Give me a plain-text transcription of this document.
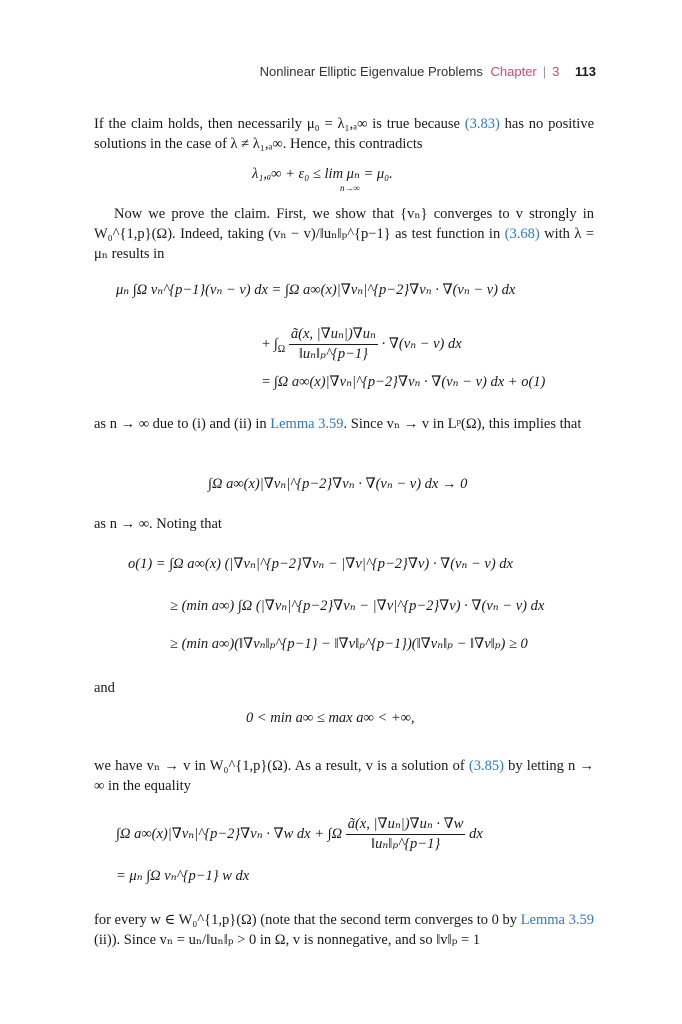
Nonlinear Elliptic Eigenvalue Problems Chapter | 3 113
If the claim holds, then necessarily μ₀ = λ₁,ₐ∞ is true because (3.83) has no positive solutions in the case of λ ≠ λ₁,ₐ∞. Hence, this contradicts
λ₁,ₐ∞ + ε₀ ≤ lim μₙ = μ₀.
n→∞
Now we prove the claim. First, we show that {vₙ} converges to v strongly in W₀^{1,p}(Ω). Indeed, taking (vₙ − v)/‖uₙ‖ₚ^{p−1} as test function in (3.68) with λ = μₙ results in
μₙ ∫Ω vₙ^{p−1}(vₙ − v) dx = ∫Ω a∞(x)|∇vₙ|^{p−2}∇vₙ · ∇(vₙ − v) dx
+ $\int_\Omega \frac{\text{ã(x, |∇uₙ|)∇uₙ}}{\text{‖uₙ‖ₚ\textasciicircum{}\{p−1\}}} \cdot \nabla(v_n - v)$ dx
= ∫Ω a∞(x)|∇vₙ|^{p−2}∇vₙ · ∇(vₙ − v) dx + o(1)
as n → ∞ due to (i) and (ii) in Lemma 3.59. Since vₙ → v in Lᵖ(Ω), this implies that
∫Ω a∞(x)|∇vₙ|^{p−2}∇vₙ · ∇(vₙ − v) dx → 0
as n → ∞. Noting that
o(1) = ∫Ω a∞(x) (|∇vₙ|^{p−2}∇vₙ − |∇v|^{p−2}∇v) · ∇(vₙ − v) dx
≥ (min a∞) ∫Ω (|∇vₙ|^{p−2}∇vₙ − |∇v|^{p−2}∇v) · ∇(vₙ − v) dx
≥ (min a∞)(‖∇vₙ‖ₚ^{p−1} − ‖∇v‖ₚ^{p−1})(‖∇vₙ‖ₚ − ‖∇v‖ₚ) ≥ 0
and
0 < min a∞ ≤ max a∞ < +∞,
we have vₙ → v in W₀^{1,p}(Ω). As a result, v is a solution of (3.85) by letting n → ∞ in the equality
∫Ω a∞(x)|∇vₙ|^{p−2}∇vₙ · ∇w dx + $\int\Omega \frac{\text{ã(x, |∇uₙ|)∇uₙ · ∇w}}{\text{‖uₙ‖ₚ\textasciicircum{}\{p−1\}}}$ dx
= μₙ ∫Ω vₙ^{p−1} w dx
for every w ∈ W₀^{1,p}(Ω) (note that the second term converges to 0 by Lemma 3.59 (ii)). Since vₙ = uₙ/‖uₙ‖ₚ > 0 in Ω, v is nonnegative, and so ‖v‖ₚ = 1
